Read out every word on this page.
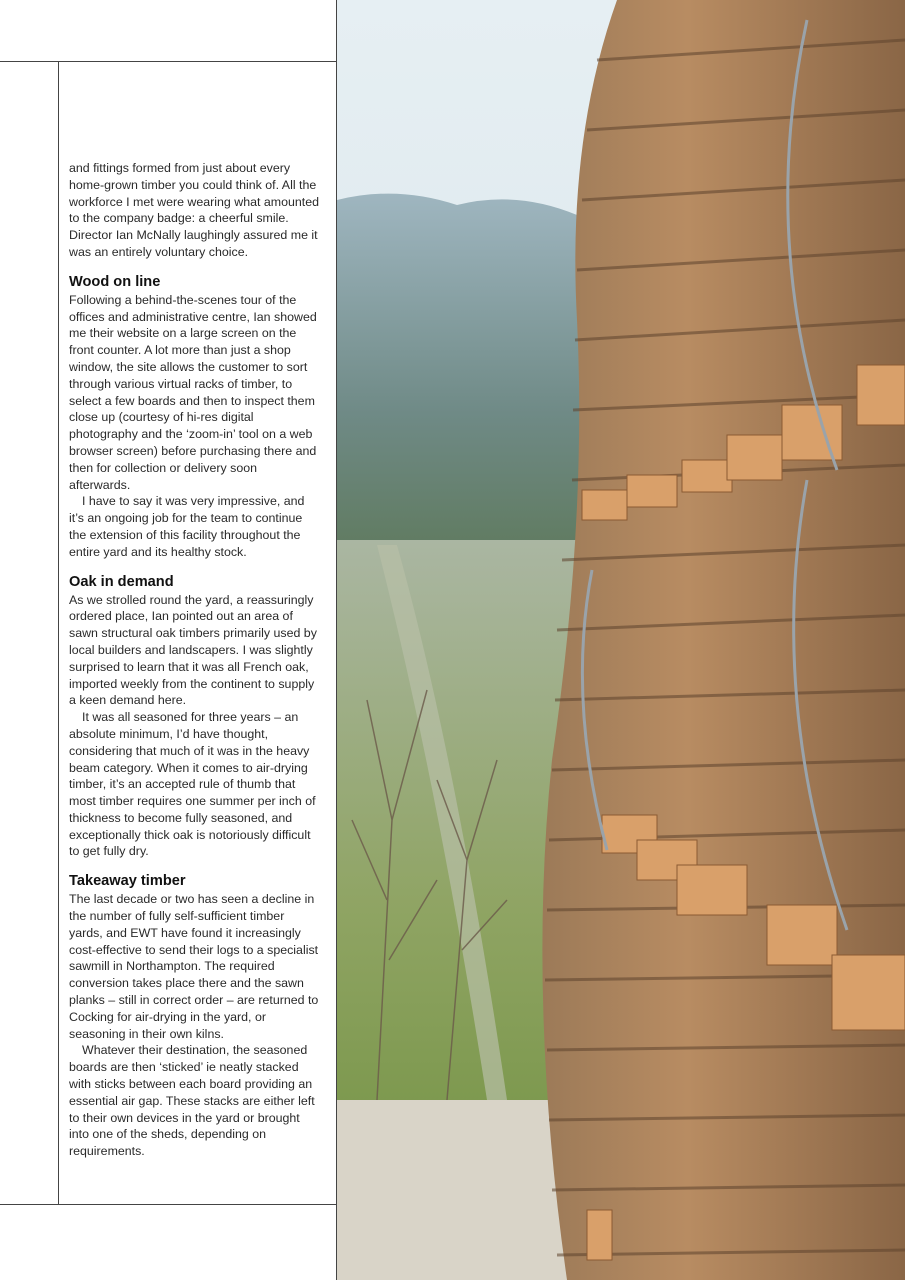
and fittings formed from just about every home-grown timber you could think of. All the workforce I met were wearing what amounted to the company badge: a cheerful smile. Director Ian McNally laughingly assured me it was an entirely voluntary choice.

Wood on line

Following a behind-the-scenes tour of the offices and administrative centre, Ian showed me their website on a large screen on the front counter. A lot more than just a shop window, the site allows the customer to sort through various virtual racks of timber, to select a few boards and then to inspect them close up (courtesy of hi-res digital photography and the ‘zoom-in’ tool on a web browser screen) before purchasing there and then for collection or delivery soon afterwards.

I have to say it was very impressive, and it’s an ongoing job for the team to continue the extension of this facility throughout the entire yard and its healthy stock.

Oak in demand

As we strolled round the yard, a reassuringly ordered place, Ian pointed out an area of sawn structural oak timbers primarily used by local builders and landscapers. I was slightly surprised to learn that it was all French oak, imported weekly from the continent to supply a keen demand here.

It was all seasoned for three years – an absolute minimum, I’d have thought, considering that much of it was in the heavy beam category. When it comes to air-drying timber, it’s an accepted rule of thumb that most timber requires one summer per inch of thickness to become fully seasoned, and exceptionally thick oak is notoriously difficult to get fully dry.

Takeaway timber

The last decade or two has seen a decline in the number of fully self-sufficient timber yards, and EWT have found it increasingly cost-effective to send their logs to a specialist sawmill in Northampton. The required conversion takes place there and the sawn planks – still in correct order – are returned to Cocking for air-drying in the yard, or seasoning in their own kilns.

Whatever their destination, the seasoned boards are then ‘sticked’ ie neatly stacked with sticks between each board providing an essential air gap. These stacks are either left to their own devices in the yard or brought into one of the sheds, depending on requirements.
